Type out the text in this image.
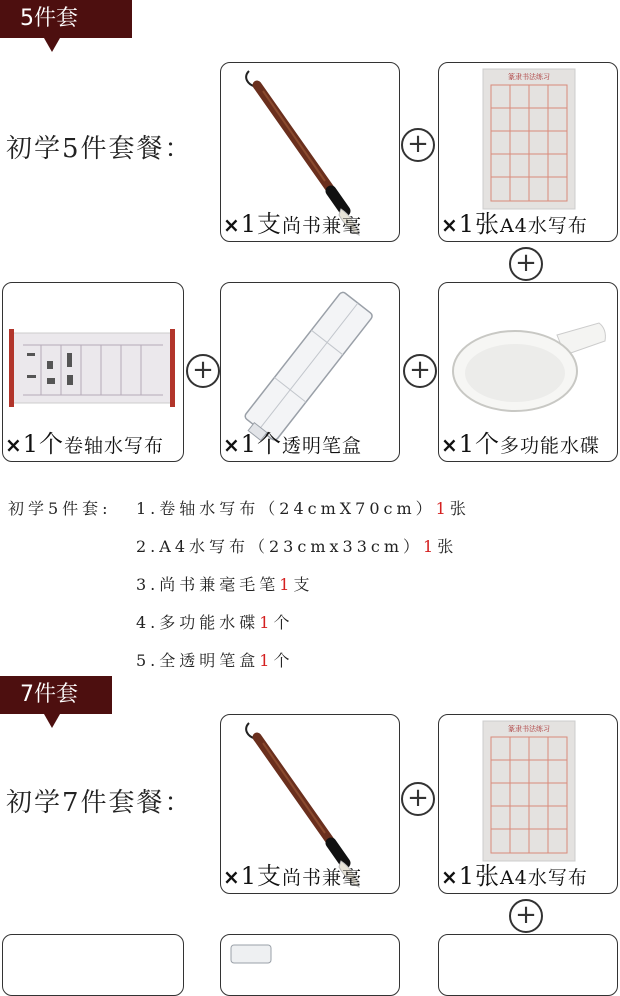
5件套
初学5件套餐：
×1支尚书兼毫
+
篆隶书法练习
×1张A4水写布
+
×1个卷轴水写布
+
×1个透明笔盒
+
×1个多功能水碟
初学5件套: 1.卷轴水写布（24cmX70cm）1张
2.A4水写布（23cmx33cm）1张
3.尚书兼毫毛笔1支
4.多功能水碟1个
5.全透明笔盒1个
7件套
初学7件套餐：
×1支尚书兼毫
+
篆隶书法练习
×1张A4水写布
+
